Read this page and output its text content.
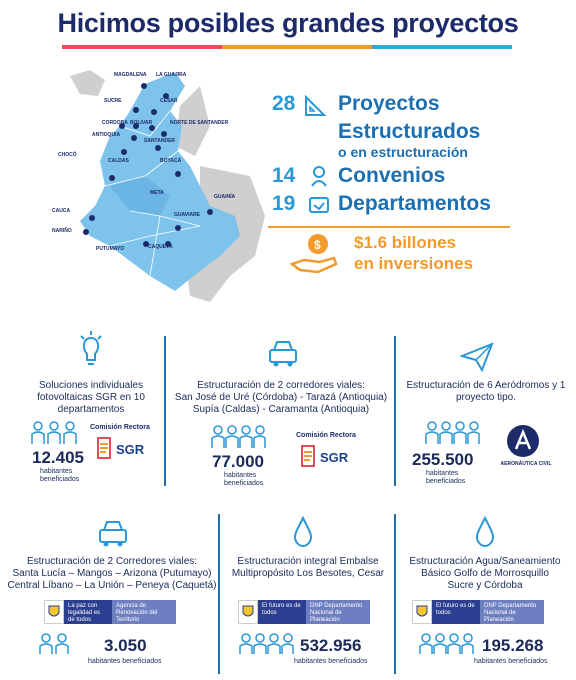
Hicimos posibles grandes proyectos
MAGDALENA LA GUAJIRA
SUCRE	CESAR
CORDOBA BOLIVAR	NORTE DE SANTANDER
ANTIOQUIA
SANTANDER
CHOCÓ
CALDAS	BOYACÁ
META
GUAINÍA
CAUCA
NARIÑO
GUAVIARE
PUTUMAYO	CAQUETÁ
28 Proyectos
Estructurados
o en estructuración
14 Convenios
19 Departamentos
$ $1.6 billones
en inversiones
Soluciones individuales fotovoltaicas SGR en 10 departamentos
12.405
habitantes beneficiados
Comisión Rectora
SGR
Estructuración de 2 corredores viales:
San José de Uré (Córdoba) - Tarazá (Antioquia)
Supía (Caldas) - Caramanta (Antioquia)
77.000
habitantes beneficiados
Comisión Rectora
SGR
Estructuración de 6 Aeródromos y 1 proyecto tipo.
255.500
habitantes beneficiados
AERONÁUTICA CIVIL
Estructuración de 2 Corredores viales:
Santa Lucía – Mangos – Arizona (Putumayo)
Central Líbano – La Unión – Peneya (Caquetá)
La paz con legalidad es de todos
Agencia de Renovación del Territorio
3.050
habitantes beneficiados
Estructuración integral Embalse
Multipropósito Los Besotes, Cesar
El futuro es de todos
DNP Departamento Nacional de Planeación
532.956
habitantes beneficiados
Estructuración Agua/Saneamiento
Básico Golfo de Morrosquillo
Sucre y Córdoba
El futuro es de todos
DNP Departamento Nacional de Planeación
195.268
habitantes beneficiados
